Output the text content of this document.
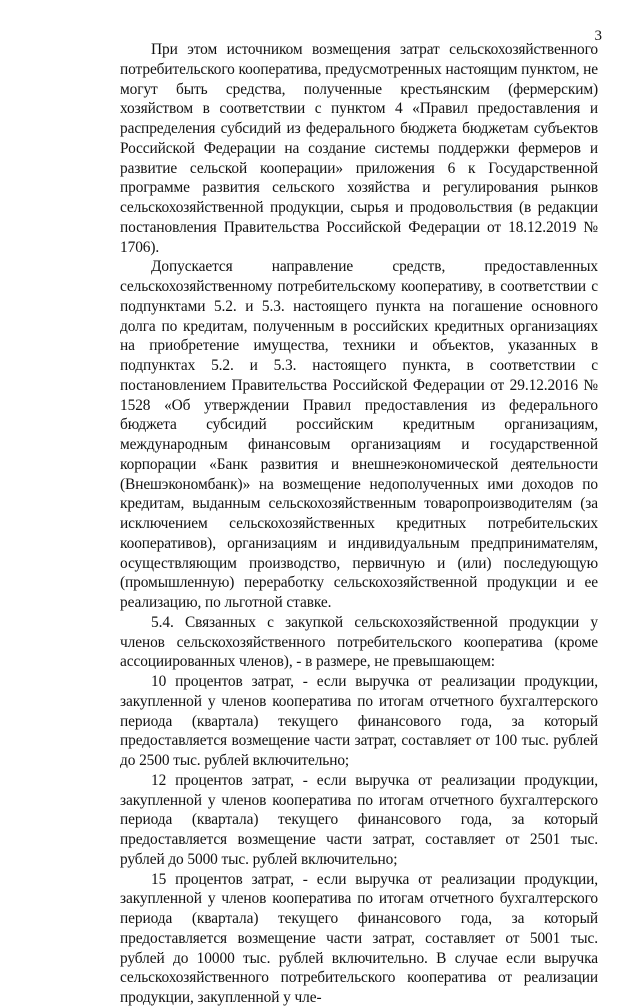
3

При этом источником возмещения затрат сельскохозяйственного потребительского кооператива, предусмотренных настоящим пунктом, не могут быть средства, полученные крестьянским (фермерским) хозяйством в соответствии с пунктом 4 «Правил предоставления и распределения субсидий из федерального бюджета бюджетам субъектов Российской Федерации на создание системы поддержки фермеров и развитие сельской кооперации» приложения 6 к Государственной программе развития сельского хозяйства и регулирования рынков сельскохозяйственной продукции, сырья и продовольствия (в редакции постановления Правительства Российской Федерации от 18.12.2019 № 1706).

Допускается направление средств, предоставленных сельскохозяйственному потребительскому кооперативу, в соответствии с подпунктами 5.2. и 5.3. настоящего пункта на погашение основного долга по кредитам, полученным в российских кредитных организациях на приобретение имущества, техники и объектов, указанных в подпунктах 5.2. и 5.3. настоящего пункта, в соответствии с постановлением Правительства Российской Федерации от 29.12.2016 № 1528 «Об утверждении Правил предоставления из федерального бюджета субсидий российским кредитным организациям, международным финансовым организациям и государственной корпорации «Банк развития и внешнеэкономической деятельности (Внешэкономбанк)» на возмещение недополученных ими доходов по кредитам, выданным сельскохозяйственным товаропроизводителям (за исключением сельскохозяйственных кредитных потребительских кооперативов), организациям и индивидуальным предпринимателям, осуществляющим производство, первичную и (или) последующую (промышленную) переработку сельскохозяйственной продукции и ее реализацию, по льготной ставке.

5.4. Связанных с закупкой сельскохозяйственной продукции у членов сельскохозяйственного потребительского кооператива (кроме ассоциированных членов), - в размере, не превышающем:

10 процентов затрат, - если выручка от реализации продукции, закупленной у членов кооператива по итогам отчетного бухгалтерского периода (квартала) текущего финансового года, за который предоставляется возмещение части затрат, составляет от 100 тыс. рублей до 2500 тыс. рублей включительно;

12 процентов затрат, - если выручка от реализации продукции, закупленной у членов кооператива по итогам отчетного бухгалтерского периода (квартала) текущего финансового года, за который предоставляется возмещение части затрат, составляет от 2501 тыс. рублей до 5000 тыс. рублей включительно;

15 процентов затрат, - если выручка от реализации продукции, закупленной у членов кооператива по итогам отчетного бухгалтерского периода (квартала) текущего финансового года, за который предоставляется возмещение части затрат, составляет от 5001 тыс. рублей до 10000 тыс. рублей включительно. В случае если выручка сельскохозяйственного потребительского кооператива от реализации продукции, закупленной у чле-
